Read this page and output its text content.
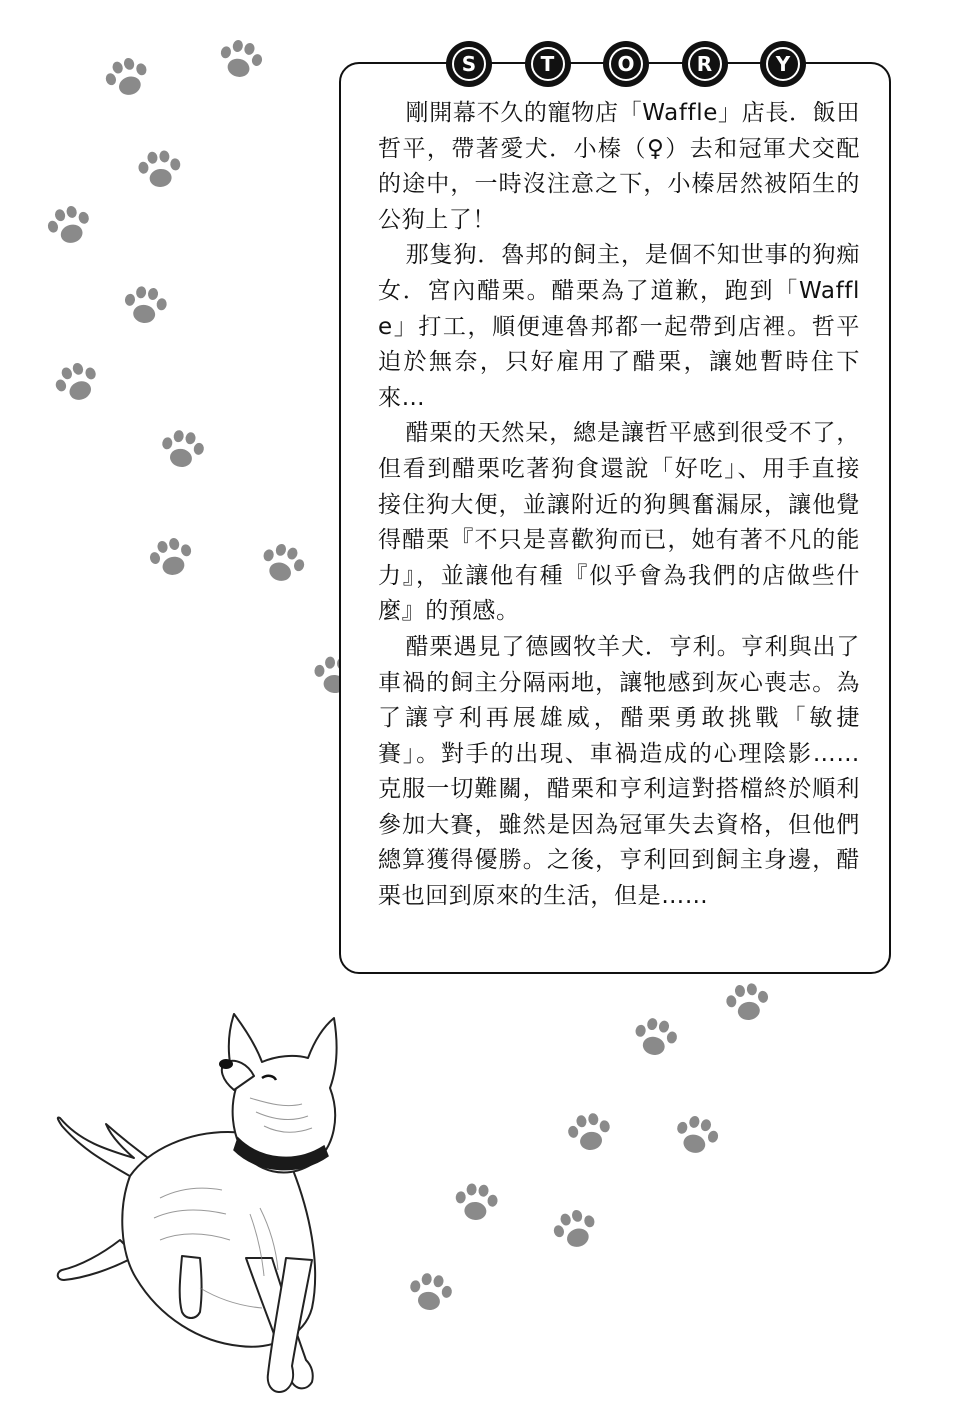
S	T	O	R	Y

剛開幕不久的寵物店「Waffle」店長．飯田哲平，帶著愛犬．小榛（♀）去和冠軍犬交配的途中，一時沒注意之下，小榛居然被陌生的公狗上了！

那隻狗．魯邦的飼主，是個不知世事的狗痴女．宮內醋栗。醋栗為了道歉，跑到「Waffle」打工，順便連魯邦都一起帶到店裡。哲平迫於無奈，只好雇用了醋栗，讓她暫時住下來…

醋栗的天然呆，總是讓哲平感到很受不了，但看到醋栗吃著狗食還說「好吃」、用手直接接住狗大便，並讓附近的狗興奮漏尿，讓他覺得醋栗『不只是喜歡狗而已，她有著不凡的能力』，並讓他有種『似乎會為我們的店做些什麼』的預感。

醋栗遇見了德國牧羊犬．亨利。亨利與出了車禍的飼主分隔兩地，讓牠感到灰心喪志。為了讓亨利再展雄威，醋栗勇敢挑戰「敏捷賽」。對手的出現、車禍造成的心理陰影……克服一切難關，醋栗和亨利這對搭檔終於順利參加大賽，雖然是因為冠軍失去資格，但他們總算獲得優勝。之後，亨利回到飼主身邊，醋栗也回到原來的生活，但是……
